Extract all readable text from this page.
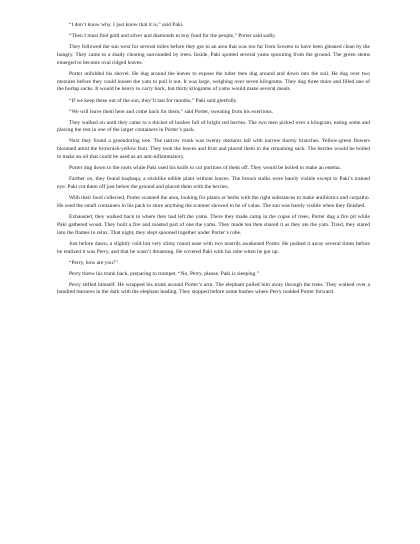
“I don’t know why. I just know that it is,” said Paki.

“Then I must find gold and silver and diamonds to buy food for the people,” Porter said sadly.

They followed the sun west for several miles before they got to an area that was too far from Soweto to have been gleaned clean by the hungry. They came to a shady clearing surrounded by trees. Inside, Paki spotted several yams sprouting from the ground. The green stems emerged to become oval ridged leaves.

Porter unfolded his shovel. He dug around the leaves to expose the tuber then dug around and down into the soil. He dug over two mezures before they could loosen the yam to pull it out. It was large, weighing over seven kilograms. They dug three more and filled one of the burlap sacks. It would be heavy to carry back, but thirty kilograms of yams would make several meals.

“If we keep these out of the sun, they’ll last for months,” Paki said gleefully.

“We will leave them here and come back for them,” said Porter, sweating from his exertions.

They walked on until they came to a thicket of bushes full of bright red berries. The two men picked over a kilogram, eating some and placing the rest in one of the larger containers in Porter’s pack.

Next they found a groendoring tree. The narrow trunk was twenty mezures tall with narrow thorny branches. Yellow-green flowers bloomed amid the brownish-yellow fruit. They took the leaves and fruit and placed them in the remaining sack. The berries would be boiled to make an oil that could be used as an anti-inflammatory.

Porter dug down to the roots while Paki used his knife to cut portions of them off. They would be boiled to make an enema.

Farther on, they found baqbaqa, a sticklike edible plant without leaves. The brown stalks were barely visible except to Paki’s trained eye. Paki cut them off just below the ground and placed them with the berries.

With their food collected, Porter scanned the area, looking for plants or herbs with the right substances to make antibiotics and curpatho. He used the small containers in his pack to store anything the scanner showed to be of value. The sun was barely visible when they finished.

Exhausted, they walked back to where they had left the yams. There they made camp in the copse of trees. Porter dug a fire pit while Paki gathered wood. They built a fire and roasted part of one the yams. They made tea then shared it as they ate the yam. Tired, they stared into the flames to relax. That night, they slept spooned together under Porter’s robe.

Just before dawn, a slightly cold but very slimy round nose with two nostrils awakened Porter. He pushed it away several times before he realized it was Perry, and that he wasn’t dreaming. He covered Paki with his robe when he got up.

“Perry, how are you?”

Perry threw his trunk back, preparing to trumpet. “No, Perry, please. Paki is sleeping.”

Perry stifled himself. He wrapped his trunk around Porter’s arm. The elephant pulled him away through the trees. They walked over a hundred mezures in the dark with the elephant leading. They stopped before some bushes where Perry nodded Porter forward.
